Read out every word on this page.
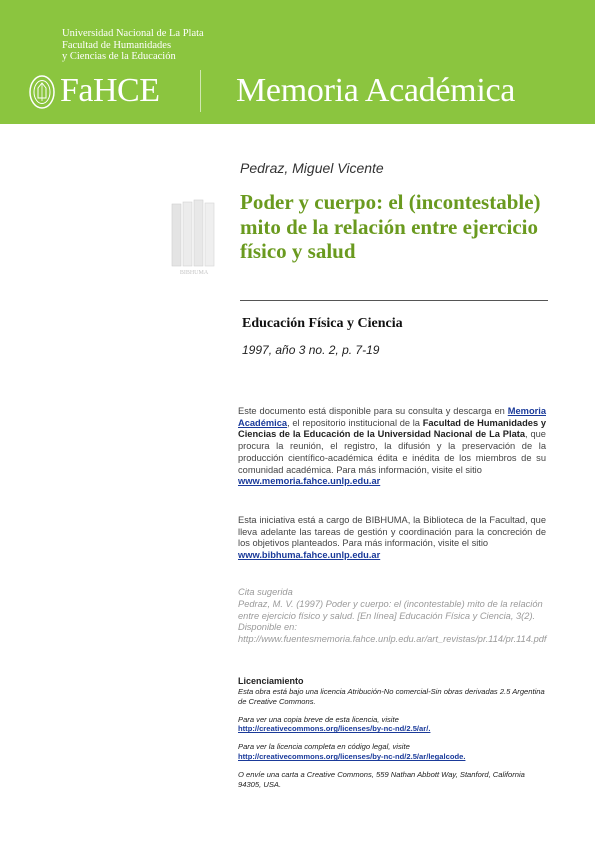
Universidad Nacional de La Plata
Facultad de Humanidades
y Ciencias de la Educación
FaHCE Memoria Académica
BIBHUMA
Pedraz, Miguel Vicente
Poder y cuerpo: el (incontestable) mito de la relación entre ejercicio físico y salud
Educación Física y Ciencia
1997, año 3 no. 2, p. 7-19
Este documento está disponible para su consulta y descarga en Memoria Académica, el repositorio institucional de la Facultad de Humanidades y Ciencias de la Educación de la Universidad Nacional de La Plata, que procura la reunión, el registro, la difusión y la preservación de la producción científico-académica édita e inédita de los miembros de su comunidad académica. Para más información, visite el sitio
www.memoria.fahce.unlp.edu.ar
Esta iniciativa está a cargo de BIBHUMA, la Biblioteca de la Facultad, que lleva adelante las tareas de gestión y coordinación para la concreción de los objetivos planteados. Para más información, visite el sitio
www.bibhuma.fahce.unlp.edu.ar
Cita sugerida
Pedraz, M. V. (1997) Poder y cuerpo: el (incontestable) mito de la relación entre ejercicio físico y salud. [En línea] Educación Física y Ciencia, 3(2). Disponible en: http://www.fuentesmemoria.fahce.unlp.edu.ar/art_revistas/pr.114/pr.114.pdf
Licenciamiento

Esta obra está bajo una licencia Atribución-No comercial-Sin obras derivadas 2.5 Argentina de Creative Commons.

Para ver una copia breve de esta licencia, visite

http://creativecommons.org/licenses/by-nc-nd/2.5/ar/.

Para ver la licencia completa en código legal, visite

http://creativecommons.org/licenses/by-nc-nd/2.5/ar/legalcode.

O envíe una carta a Creative Commons, 559 Nathan Abbott Way, Stanford, California 94305, USA.
